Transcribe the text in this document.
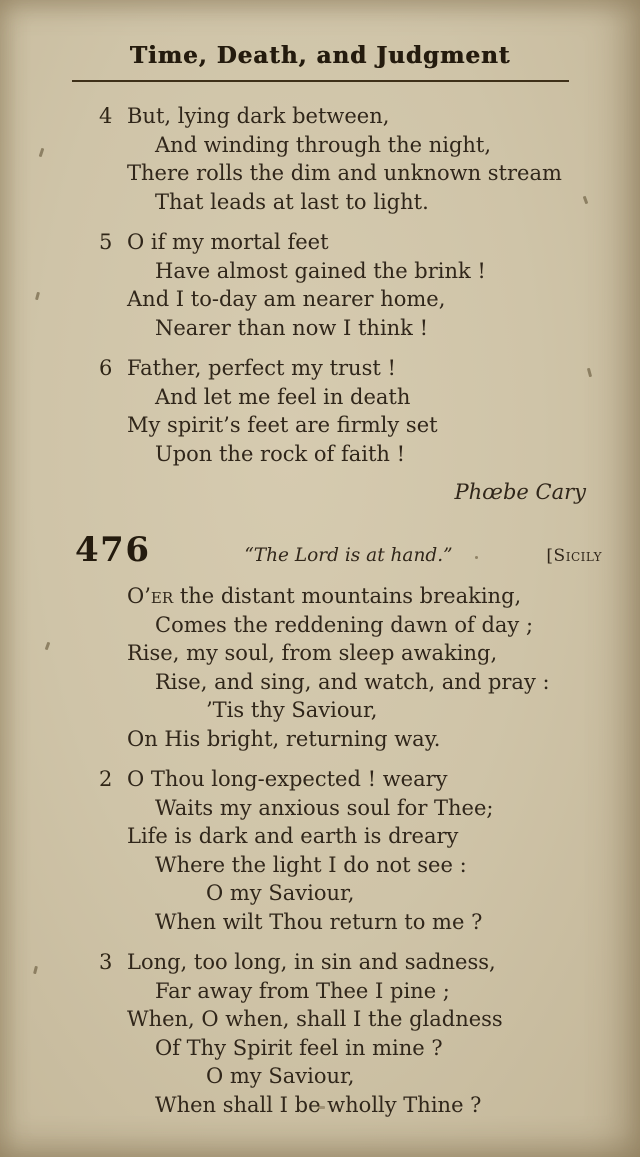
Time, Death, and Judgment
4 But, lying dark between,
And winding through the night,
There rolls the dim and unknown stream
That leads at last to light.
5 O if my mortal feet
Have almost gained the brink !
And I to-day am nearer home,
Nearer than now I think !
6 Father, perfect my trust !
And let me feel in death
My spirit’s feet are firmly set
Upon the rock of faith !
Phœbe Cary
476	“The Lord is at hand.”	[Sicily
O’er the distant mountains breaking,
Comes the reddening dawn of day ;
Rise, my soul, from sleep awaking,
Rise, and sing, and watch, and pray :
’Tis thy Saviour,
On His bright, returning way.
2 O Thou long-expected ! weary
Waits my anxious soul for Thee;
Life is dark and earth is dreary
Where the light I do not see :
O my Saviour,
When wilt Thou return to me ?
3 Long, too long, in sin and sadness,
Far away from Thee I pine ;
When, O when, shall I the gladness
Of Thy Spirit feel in mine ?
O my Saviour,
When shall I be wholly Thine ?
